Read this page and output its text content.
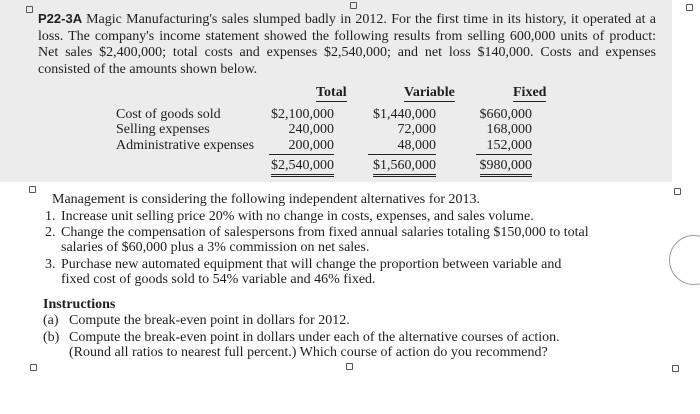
P22-3A Magic Manufacturing's sales slumped badly in 2012. For the first time in its history, it operated at a loss. The company's income statement showed the following results from selling 600,000 units of product: Net sales $2,400,000; total costs and expenses $2,540,000; and net loss $140,000. Costs and expenses consisted of the amounts shown below.
Total	Variable	Fixed
Cost of goods sold
Selling expenses
Administrative expenses
$2,100,000
240,000
200,000
$2,540,000
$1,440,000
72,000
48,000
$1,560,000
$660,000
168,000
152,000
$980,000
Management is considering the following independent alternatives for 2013.
1. Increase unit selling price 20% with no change in costs, expenses, and sales volume.
2. Change the compensation of salespersons from fixed annual salaries totaling $150,000 to total
salaries of $60,000 plus a 3% commission on net sales.
3. Purchase new automated equipment that will change the proportion between variable and
fixed cost of goods sold to 54% variable and 46% fixed.
Instructions
(a) Compute the break-even point in dollars for 2012.
(b) Compute the break-even point in dollars under each of the alternative courses of action.
(Round all ratios to nearest full percent.) Which course of action do you recommend?
